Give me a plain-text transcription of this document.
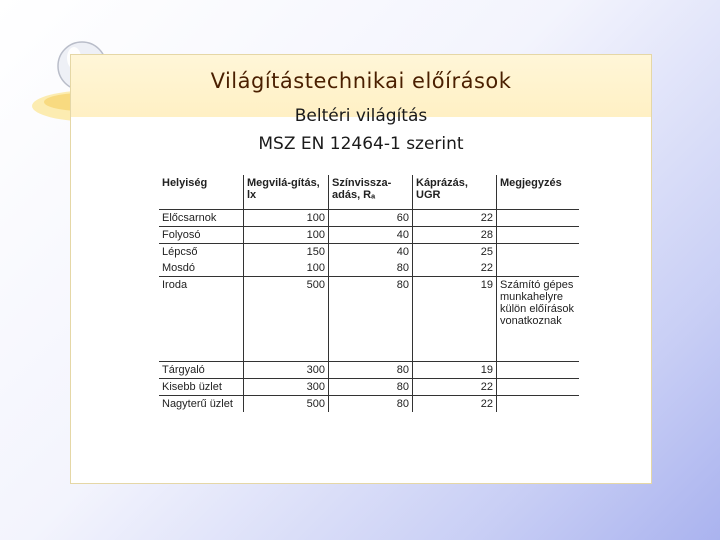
Világítástechnikai előírások
Beltéri világítás
MSZ EN 12464-1 szerint
Helyiség	Megvilá-gítás, lx	Színvissza-adás, Rₐ	Káprázás, UGR	Megjegyzés
Előcsarnok	100	60	22	
Folyosó	100	40	28	
Lépcső	150	40	25	
Mosdó	100	80	22	
Iroda	500	80	19	Számító gépes munkahelyre külön előírások vonatkoznak
Tárgyaló	300	80	19	
Kisebb üzlet	300	80	22	
Nagyterű üzlet	500	80	22	
